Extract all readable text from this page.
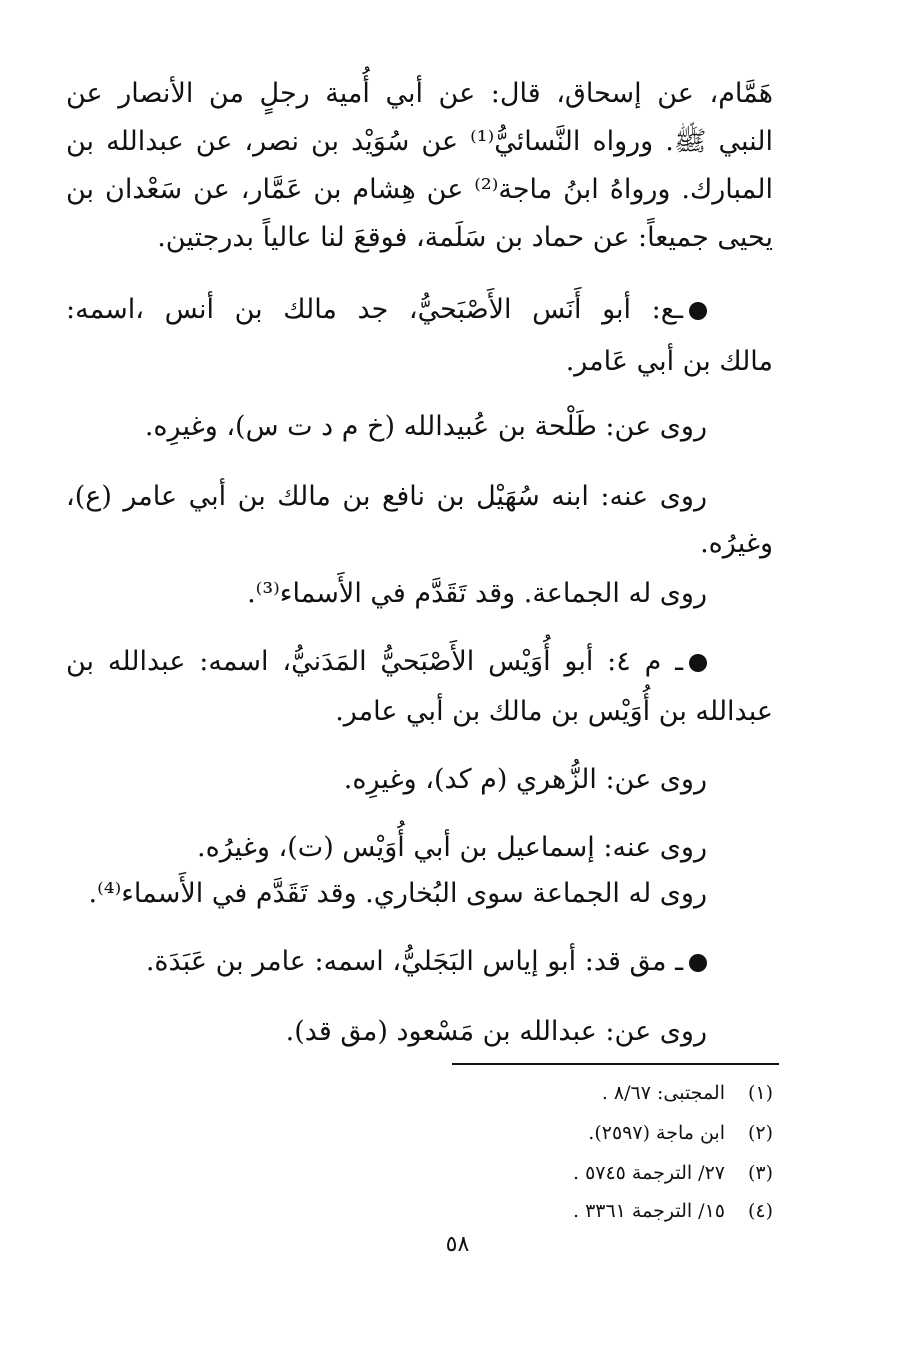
هَمَّام، عن إسحاق، قال: عن أبي أُمية رجلٍ من الأنصار عن
النبي ﷺ. ورواه النَّسائيُّ⁽¹⁾ عن سُوَيْد بن نصر، عن عبدالله بن
المبارك. ورواهُ ابنُ ماجة⁽²⁾ عن هِشام بن عَمَّار، عن سَعْدان بن
يحيى جميعاً: عن حماد بن سَلَمة، فوقعَ لنا عالياً بدرجتين.
ـع: أبو أَنَس الأَصْبَحيُّ، جد مالك بن أنس ،اسمه:
مالك بن أبي عَامر.
روى عن: طَلْحة بن عُبيدالله (خ م د ت س)، وغيرِه.
روى عنه: ابنه سُهَيْل بن نافع بن مالك بن أبي عامر (ع)،
وغيرُه.
روى له الجماعة. وقد تَقَدَّم في الأَسماء⁽³⁾.
ـ م ٤: أبو أُوَيْس الأَصْبَحيُّ المَدَنيُّ، اسمه: عبدالله بن
عبدالله بن أُوَيْس بن مالك بن أبي عامر.
روى عن: الزُّهري (م كد)، وغيرِه.
روى عنه: إسماعيل بن أبي أُوَيْس (ت)، وغيرُه.
روى له الجماعة سوى البُخاري. وقد تَقَدَّم في الأَسماء⁽⁴⁾.
ـ مق قد: أبو إياس البَجَليُّ، اسمه: عامر بن عَبَدَة.
روى عن: عبدالله بن مَسْعود (مق قد).
(١)المجتبى: ٨/٦٧ .
(٢)ابن ماجة (٢٥٩٧).
(٣)٢٧/ الترجمة ٥٧٤٥ .
(٤)١٥/ الترجمة ٣٣٦١ .
٥٨
